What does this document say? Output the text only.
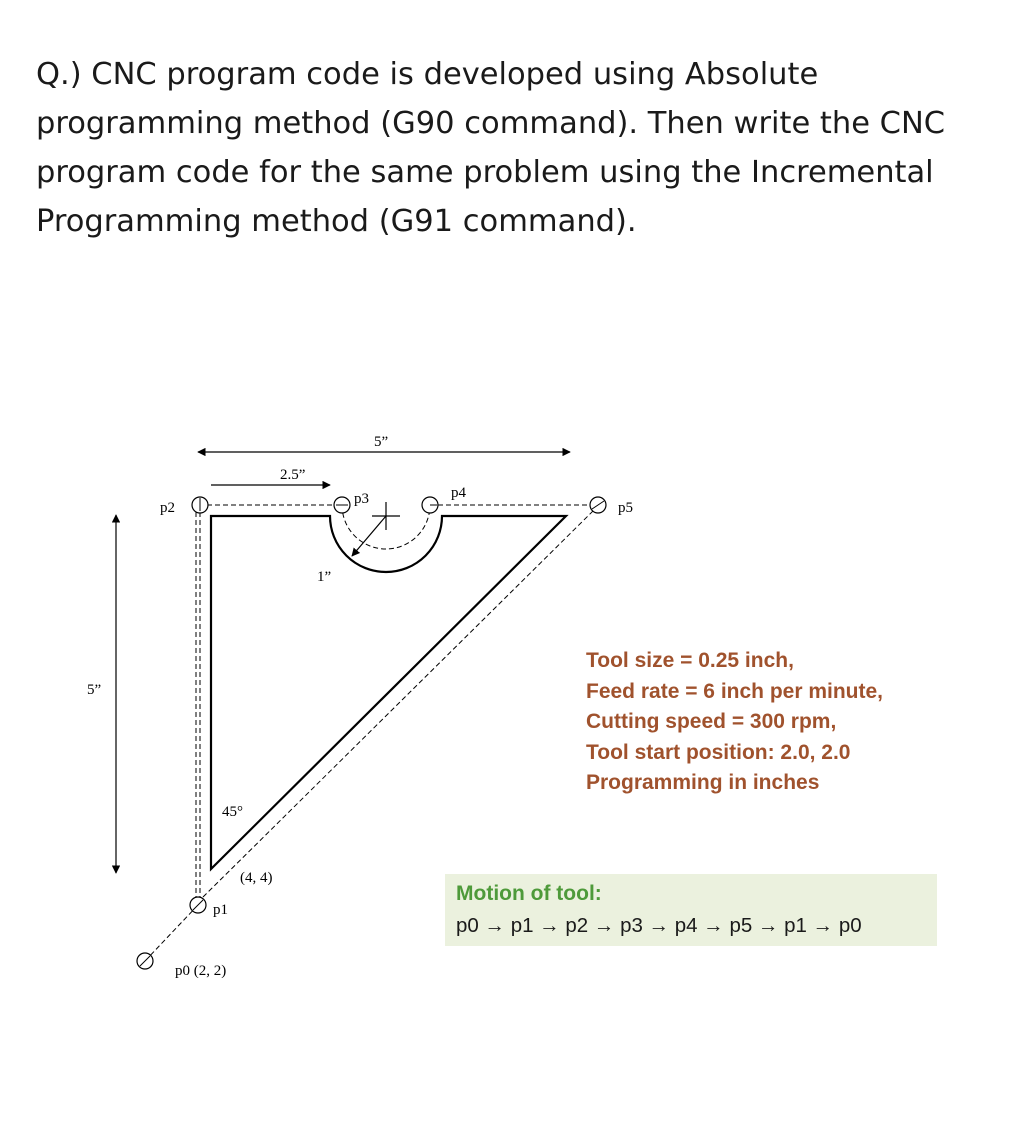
Q.) CNC program code is developed using Absolute programming method (G90 command). Then write the CNC program code for the same problem using the Incremental Programming method (G91 command).

5”
2.5”
5”
1”
45°
(4, 4)
p0 (2, 2)
p1
p2
p3	p4
p5
Tool size = 0.25 inch,
Feed rate = 6 inch per minute,
Cutting speed = 300 rpm,
Tool start position: 2.0, 2.0
Programming in inches
Motion of tool:
p0 → p1 → p2 → p3 → p4 → p5 → p1 → p0
